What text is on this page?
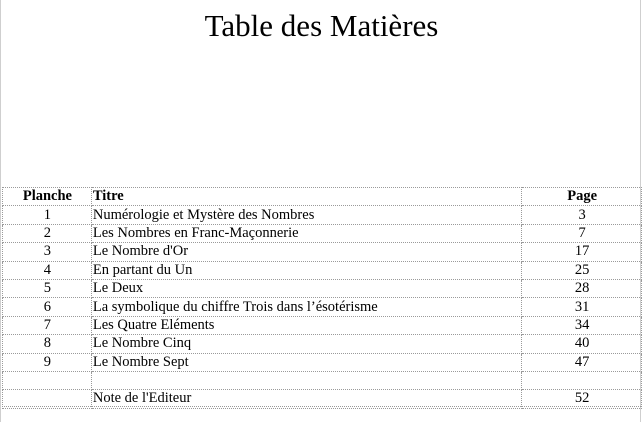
Table des Matières
Planche	Titre	Page
1	Numérologie et Mystère des Nombres	3
2	Les Nombres en Franc-Maçonnerie	7
3	Le Nombre d'Or	17
4	En partant du Un	25
5	Le Deux	28
6	La symbolique du chiffre Trois dans l’ésotérisme	31
7	Les Quatre Eléments	34
8	Le Nombre Cinq	40
9	Le Nombre Sept	47

	Note de l'Editeur	52
